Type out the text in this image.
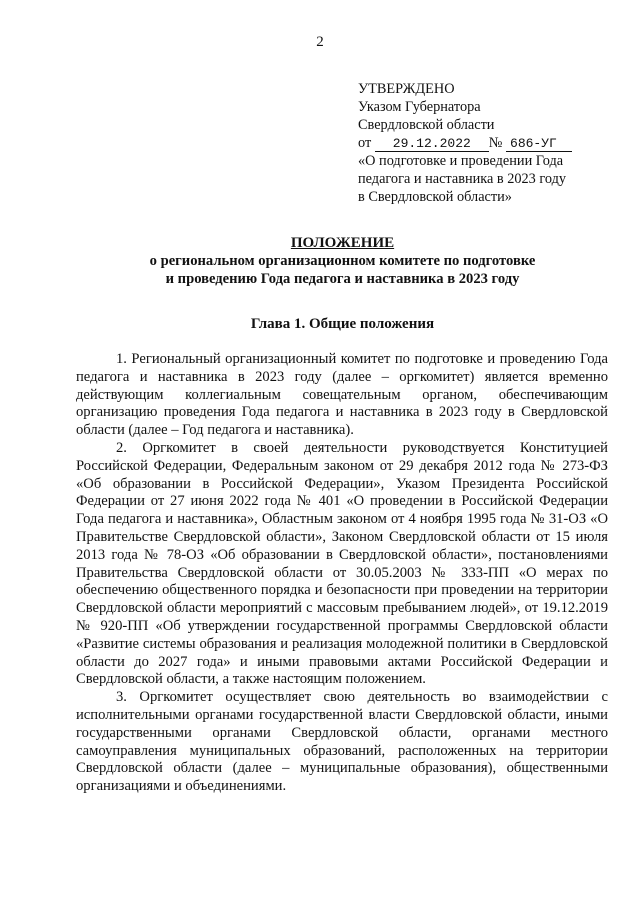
2
УТВЕРЖДЕНО
Указом Губернатора
Свердловской области
от 29.12.2022 № 686-УГ
«О подготовке и проведении Года
педагога и наставника в 2023 году
в Свердловской области»
ПОЛОЖЕНИЕ
о региональном организационном комитете по подготовке
и проведению Года педагога и наставника в 2023 году
Глава 1. Общие положения

1. Региональный организационный комитет по подготовке и проведению Года педагога и наставника в 2023 году (далее – оргкомитет) является временно действующим коллегиальным совещательным органом, обеспечивающим организацию проведения Года педагога и наставника в 2023 году в Свердловской области (далее – Год педагога и наставника).

2. Оргкомитет в своей деятельности руководствуется Конституцией Российской Федерации, Федеральным законом от 29 декабря 2012 года № 273-ФЗ «Об образовании в Российской Федерации», Указом Президента Российской Федерации от 27 июня 2022 года № 401 «О проведении в Российской Федерации Года педагога и наставника», Областным законом от 4 ноября 1995 года № 31-ОЗ «О Правительстве Свердловской области», Законом Свердловской области от 15 июля 2013 года № 78-ОЗ «Об образовании в Свердловской области», постановлениями Правительства Свердловской области от 30.05.2003 № 333-ПП «О мерах по обеспечению общественного порядка и безопасности при проведении на территории Свердловской области мероприятий с массовым пребыванием людей», от 19.12.2019 № 920-ПП «Об утверждении государственной программы Свердловской области «Развитие системы образования и реализация молодежной политики в Свердловской области до 2027 года» и иными правовыми актами Российской Федерации и Свердловской области, а также настоящим положением.

3. Оргкомитет осуществляет свою деятельность во взаимодействии с исполнительными органами государственной власти Свердловской области, иными государственными органами Свердловской области, органами местного самоуправления муниципальных образований, расположенных на территории Свердловской области (далее – муниципальные образования), общественными организациями и объединениями.
